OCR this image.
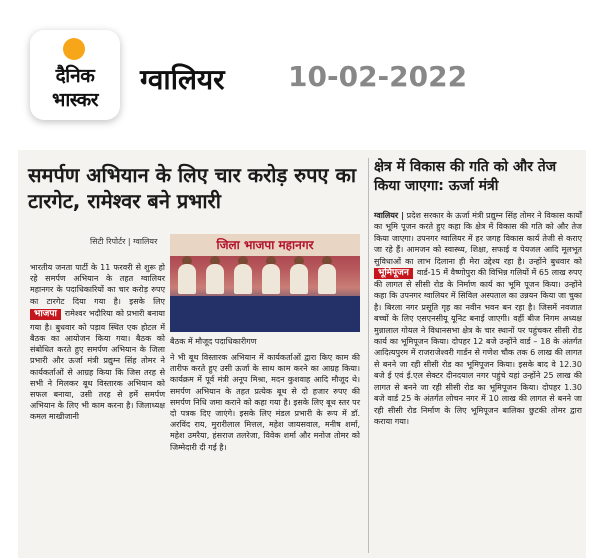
दैनिक
भास्कर
ग्वालियर 10-02-2022
समर्पण अभियान के लिए चार करोड़ रुपए का टारगेट, रामेश्वर बने प्रभारी
सिटी रिपोर्टर | ग्वालियर
भारतीय जनता पार्टी के 11 फरवरी से शुरू हो रहे समर्पण अभियान के तहत ग्वालियर महानगर के पदाधिकारियों का चार करोड़ रुपए का टारगेट दिया गया है। इसके लिए भाजपा रामेश्वर भदौरिया को प्रभारी बनाया गया है। बुधवार को पड़ाव स्थित एक होटल में बैठक का आयोजन किया गया। बैठक को संबोधित करते हुए समर्पण अभियान के जिला प्रभारी और ऊर्जा मंत्री प्रद्युम्न सिंह तोमर ने कार्यकर्ताओं से आग्रह किया कि जिस तरह से सभी ने मिलकर बूथ विस्तारक अभियान को सफल बनाया, उसी तरह से हमें समर्पण अभियान के लिए भी काम करना है। जिलाध्यक्ष कमल माखीजानी
जिला भाजपा महानगर
बैठक में मौजूद पदाधिकारीगण
ने भी बूथ विस्तारक अभियान में कार्यकर्ताओं द्वारा किए काम की तारीफ करते हुए उसी ऊर्जा के साथ काम करने का आग्रह किया। कार्यक्रम में पूर्व मंत्री अनूप मिश्रा, मदन कुशवाह आदि मौजूद थे। समर्पण अभियान के तहत प्रत्येक बूथ से दो हजार रुपए की समर्पण निधि जमा कराने को कहा गया है। इसके लिए बूथ स्तर पर दो पत्रक दिए जाएंगे। इसके लिए मंडल प्रभारी के रूप में डॉ. अरविंद राय, मुरारीलाल मित्तल, महेश जायसवाल, मनीष शर्मा, महेश उमरैया, हंसराज तलरेजा, विवेक शर्मा और मनोज तोमर को जिम्मेदारी दी गई है।
क्षेत्र में विकास की गति को और तेज किया जाएगा: ऊर्जा मंत्री
ग्वालियर | प्रदेश सरकार के ऊर्जा मंत्री प्रद्युम्न सिंह तोमर ने विकास कार्यों का भूमि पूजन करते हुए कहा कि क्षेत्र में विकास की गति को और तेज किया जाएगा। उपनगर ग्वालियर में हर जगह विकास कार्य तेजी से कराए जा रहे हैं। आमजन को स्वास्थ्य, शिक्षा, सफाई व पेयजल आदि मूलभूत सुविधाओं का लाभ दिलाना ही मेरा उद्देश्य रहा है। उन्होंने बुधवार को भूमिपूजन वार्ड-15 में वैष्णोपुरा की विभिन्न गलियों में 65 लाख रुपए की लागत से सीसी रोड के निर्माण कार्य का भूमि पूजन किया। उन्होंने कहा कि उपनगर ग्वालियर में सिविल अस्पताल का उन्नयन किया जा चुका है। बिरला नगर प्रसूति गृह का नवीन भवन बन रहा है। जिसमें नवजात बच्चों के लिए एसएनसीयू यूनिट बनाई जाएगी। वहीं बीज निगम अध्यक्ष मुन्नालाल गोयल ने विधानसभा क्षेत्र के चार स्थानों पर पहुंचकर सीसी रोड कार्य का भूमिपूजन किया। दोपहर 12 बजे उन्होंने वार्ड – 18 के अंतर्गत आदित्यपुरम में राजराजेश्वरी गार्डन से गणेश चौक तक 6 लाख की लागत से बनने जा रही सीसी रोड का भूमिपूजन किया। इसके बाद वे 12.30 बजे ई एवं ई.एल सेक्टर दीनदयाल नगर पहुंचे यहां उन्होंने 25 लाख की लागत से बनने जा रही सीसी रोड का भूमिपूजन किया। दोपहर 1.30 बजे वार्ड 25 के अंतर्गत लोचन नगर में 10 लाख की लागत से बनने जा रही सीसी रोड निर्माण के लिए भूमिपूजन बालिका छुटकी तोमर द्वारा कराया गया।
